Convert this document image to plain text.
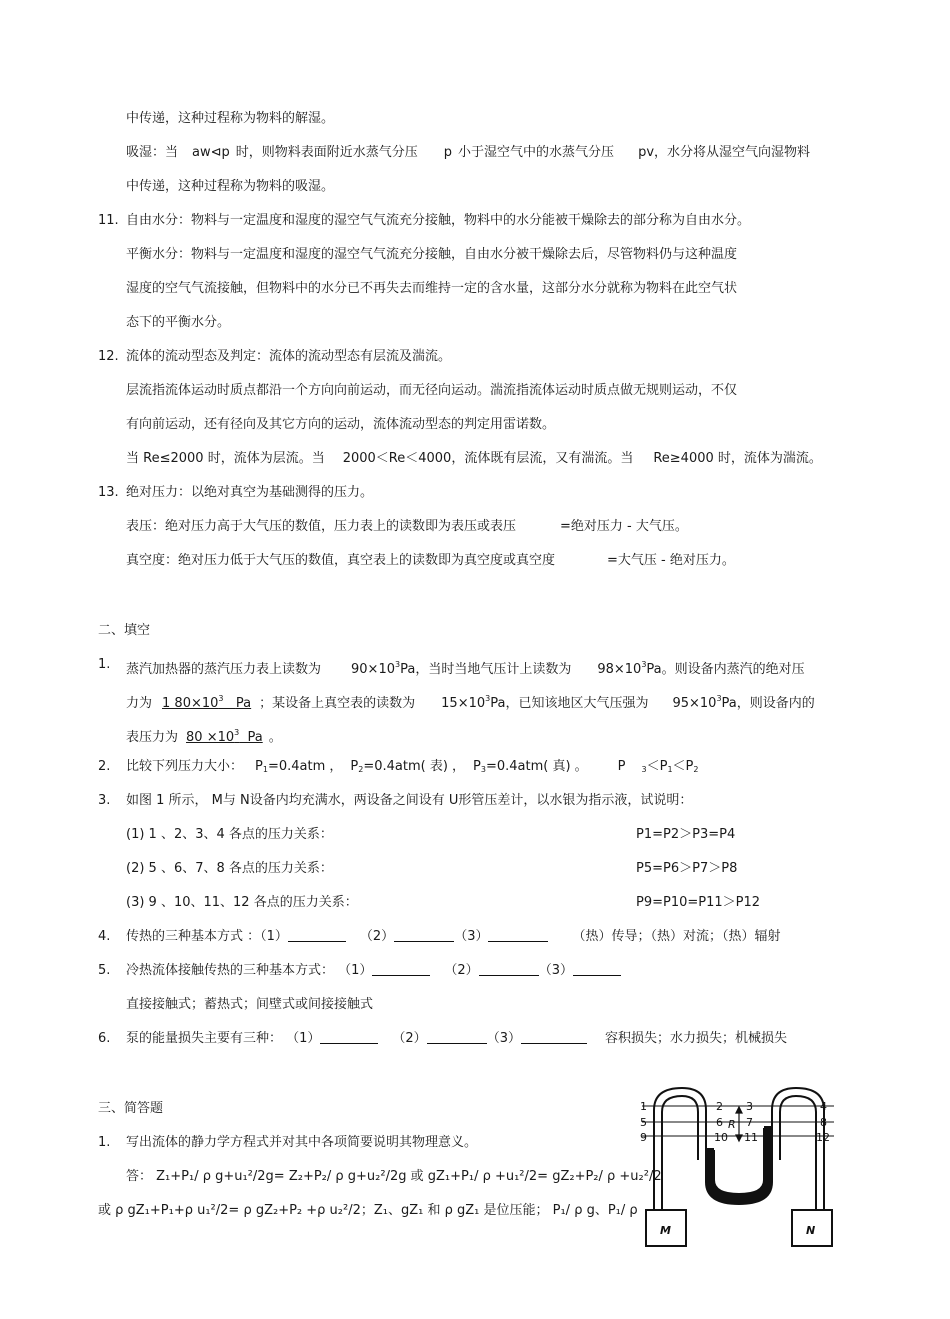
中传递，这种过程称为物料的解湿。
吸湿：当 aw⊲p 时，则物料表面附近水蒸气分压 p 小于湿空气中的水蒸气分压 pv，水分将从湿空气向湿物料
中传递，这种过程称为物料的吸湿。
11. 自由水分：物料与一定温度和湿度的湿空气气流充分接触，物料中的水分能被干燥除去的部分称为自由水分。
平衡水分：物料与一定温度和湿度的湿空气气流充分接触，自由水分被干燥除去后，尽管物料仍与这种温度
湿度的空气气流接触，但物料中的水分已不再失去而维持一定的含水量，这部分水分就称为物料在此空气状
态下的平衡水分。
12. 流体的流动型态及判定：流体的流动型态有层流及湍流。
层流指流体运动时质点都沿一个方向向前运动，而无径向运动。湍流指流体运动时质点做无规则运动，不仅
有向前运动，还有径向及其它方向的运动，流体流动型态的判定用雷诺数。
当 Re≤2000 时，流体为层流。当 2000＜Re＜4000，流体既有层流，又有湍流。当 Re≥4000 时，流体为湍流。
13. 绝对压力：以绝对真空为基础测得的压力。
表压：绝对压力高于大气压的数值，压力表上的读数即为表压或表压	=绝对压力 - 大气压。
真空度：绝对压力低于大气压的数值，真空表上的读数即为真空度或真空度	=大气压 - 绝对压力。
二、填空
1. 蒸汽加热器的蒸汽压力表上读数为 $90\times 10^3Pa$，当时当地气压计上读数为 $98\times 10^3Pa$。则设备内蒸汽的绝对压
力为 1 $80\times 10^3$ Pa ；某设备上真空表的读数为 $15\times 10^3Pa$，已知该地区大气压强为 $95\times 10^3Pa$，则设备内的
表压力为 $80 \times 10^3$ Pa 。
2. 比较下列压力大小： $P_1=0.4atm$ ， $P_2=0.4atm$( 表) ， $P_3=0.4atm$( 真) 。 P $_3<P_1<P_2$
3. 如图 1 所示， M与 N设备内均充满水，两设备之间设有 U形管压差计，以水银为指示液，试说明：
(1) 1 、2、3、4 各点的压力关系：	P1=P2＞P3=P4
(2) 5 、6、7、8 各点的压力关系：	P5=P6＞P7＞P8
(3) 9 、10、11、12 各点的压力关系：	P9=P10=P11＞P12
4. 传热的三种基本方式 ：（1）	（2）	（3）	（热）传导；（热）对流；（热）辐射
5. 冷热流体接触传热的三种基本方式： （1）	（2）	（3）
直接接触式；蓄热式；间壁式或间接接触式
6. 泵的能量损失主要有三种： （1）	（2）	（3）	容积损失；水力损失；机械损失
三、简答题
1. 写出流体的静力学方程式并对其中各项简要说明其物理意义。
答： Z₁+P₁/ ρ g+u₁²/2g= Z₂+P₂/ ρ g+u₂²/2g 或 gZ₁+P₁/ ρ +u₁²/2= gZ₂+P₂/ ρ +u₂²/2
或 ρ gZ₁+P₁+ρ u₁²/2= ρ gZ₂+P₂ +ρ u₂²/2；Z₁、gZ₁ 和 ρ gZ₁ 是位压能； P₁/ ρ g、P₁/ ρ
1
5
9
4
8
12
2
6
10
3
7
11
R
M	N
